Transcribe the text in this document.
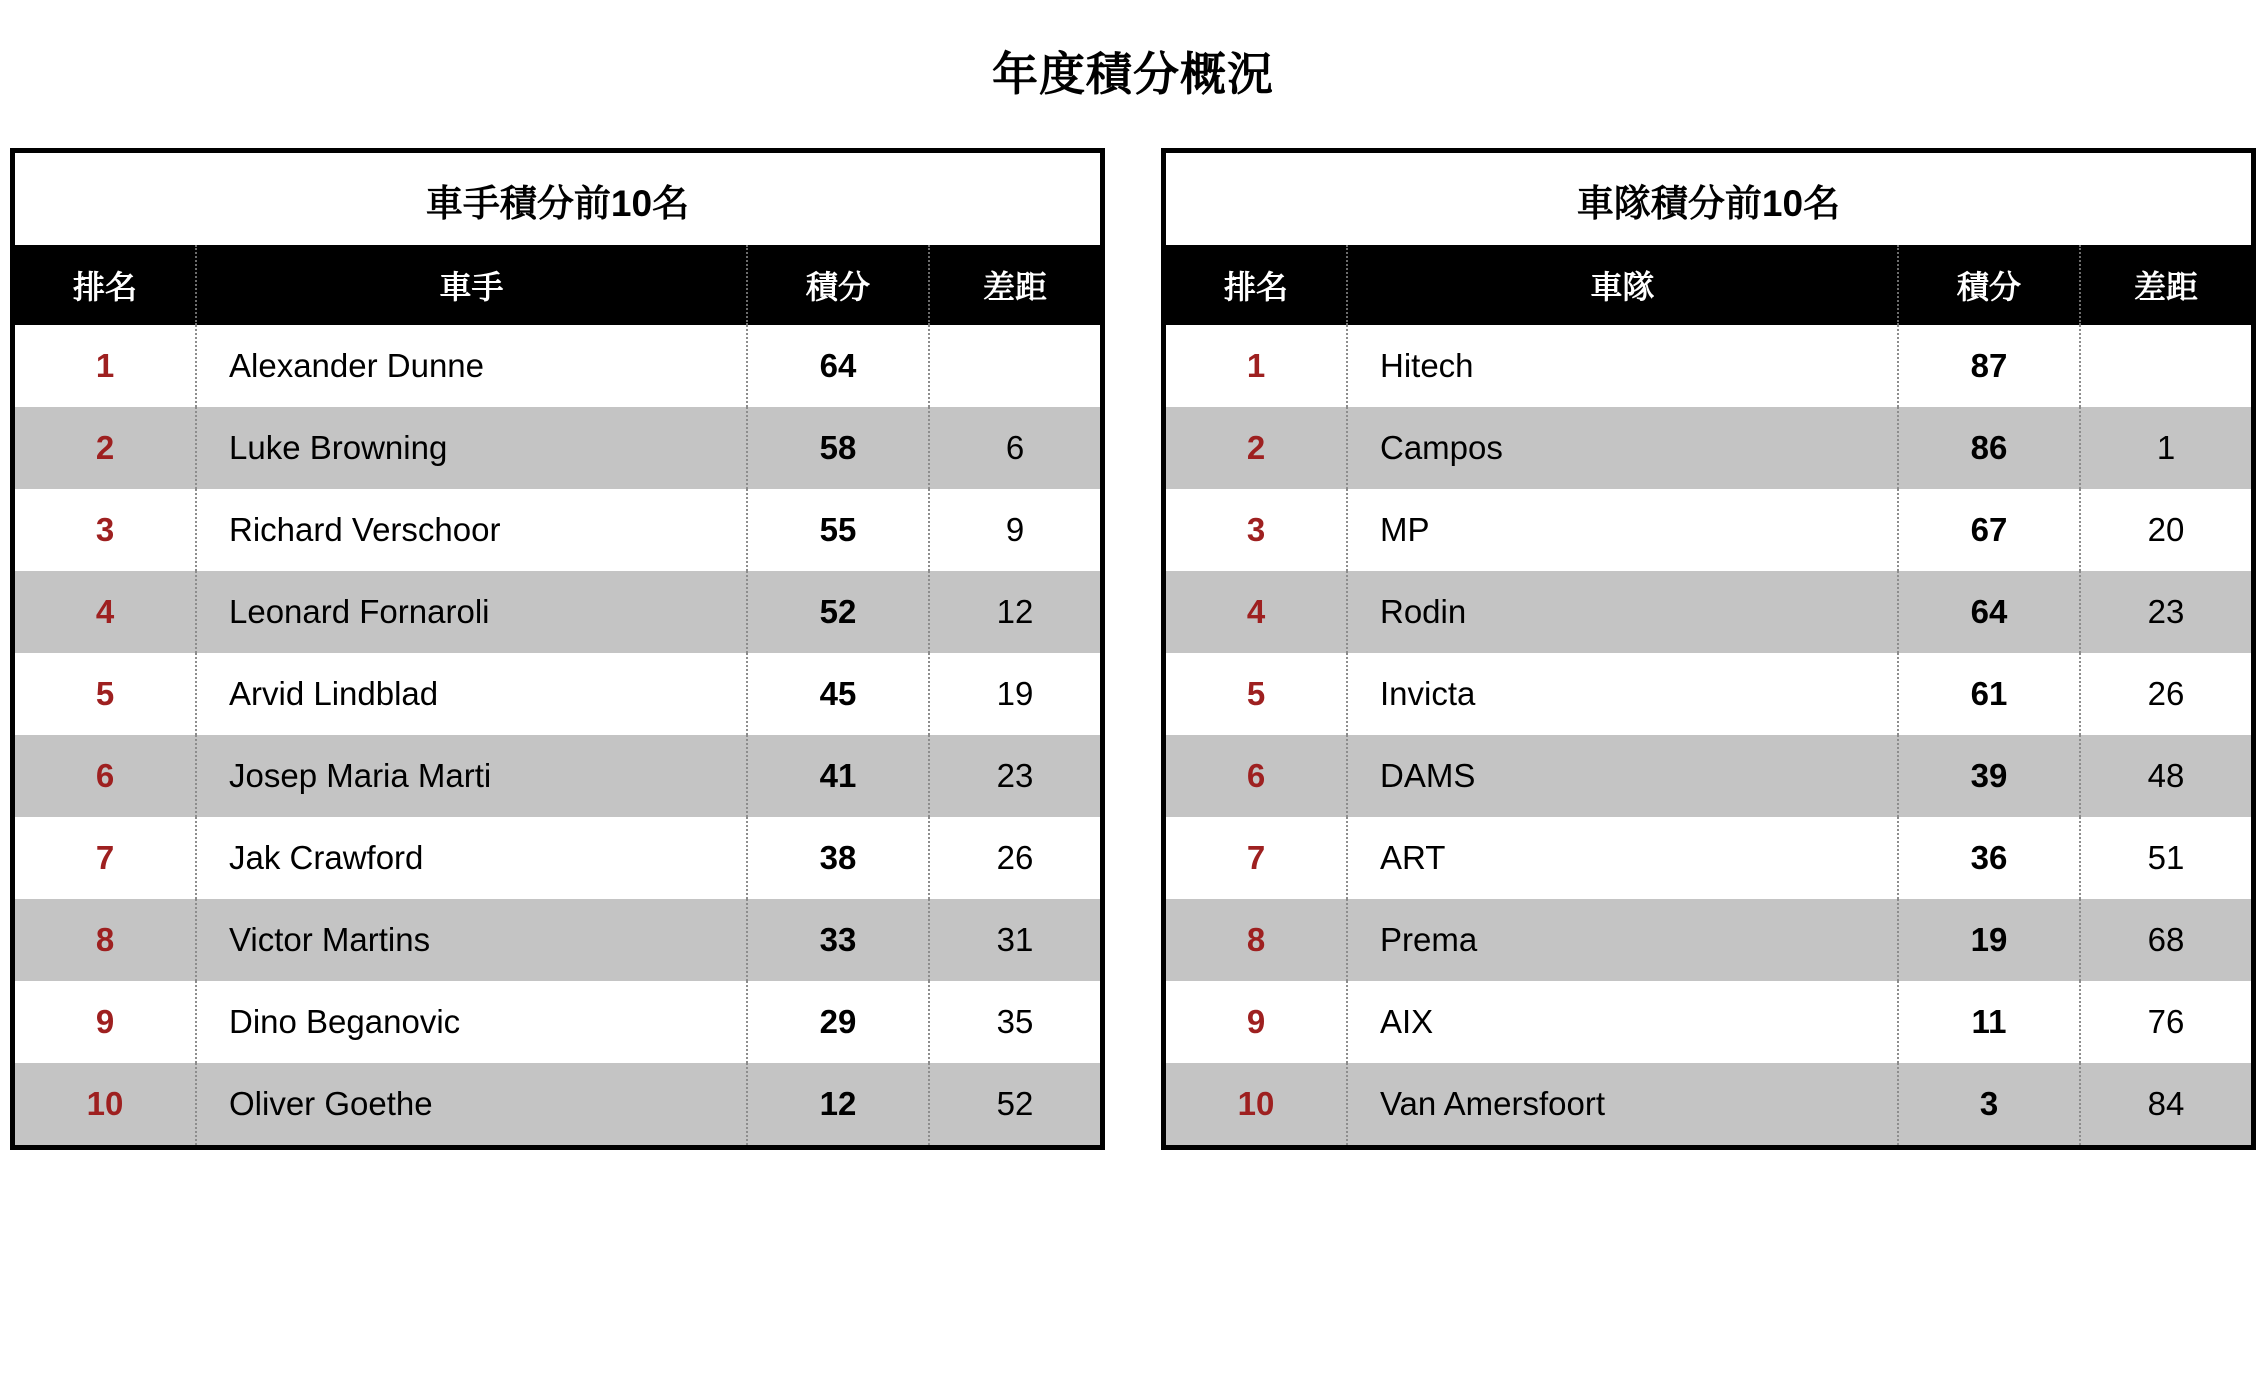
年度積分概況
車手積分前10名
排名	車手	積分	差距
1	Alexander Dunne	64	
2	Luke Browning	58	6
3	Richard Verschoor	55	9
4	Leonard Fornaroli	52	12
5	Arvid Lindblad	45	19
6	Josep Maria Marti	41	23
7	Jak Crawford	38	26
8	Victor Martins	33	31
9	Dino Beganovic	29	35
10	Oliver Goethe	12	52
車隊積分前10名
排名	車隊	積分	差距
1	Hitech	87	
2	Campos	86	1
3	MP	67	20
4	Rodin	64	23
5	Invicta	61	26
6	DAMS	39	48
7	ART	36	51
8	Prema	19	68
9	AIX	11	76
10	Van Amersfoort	3	84
